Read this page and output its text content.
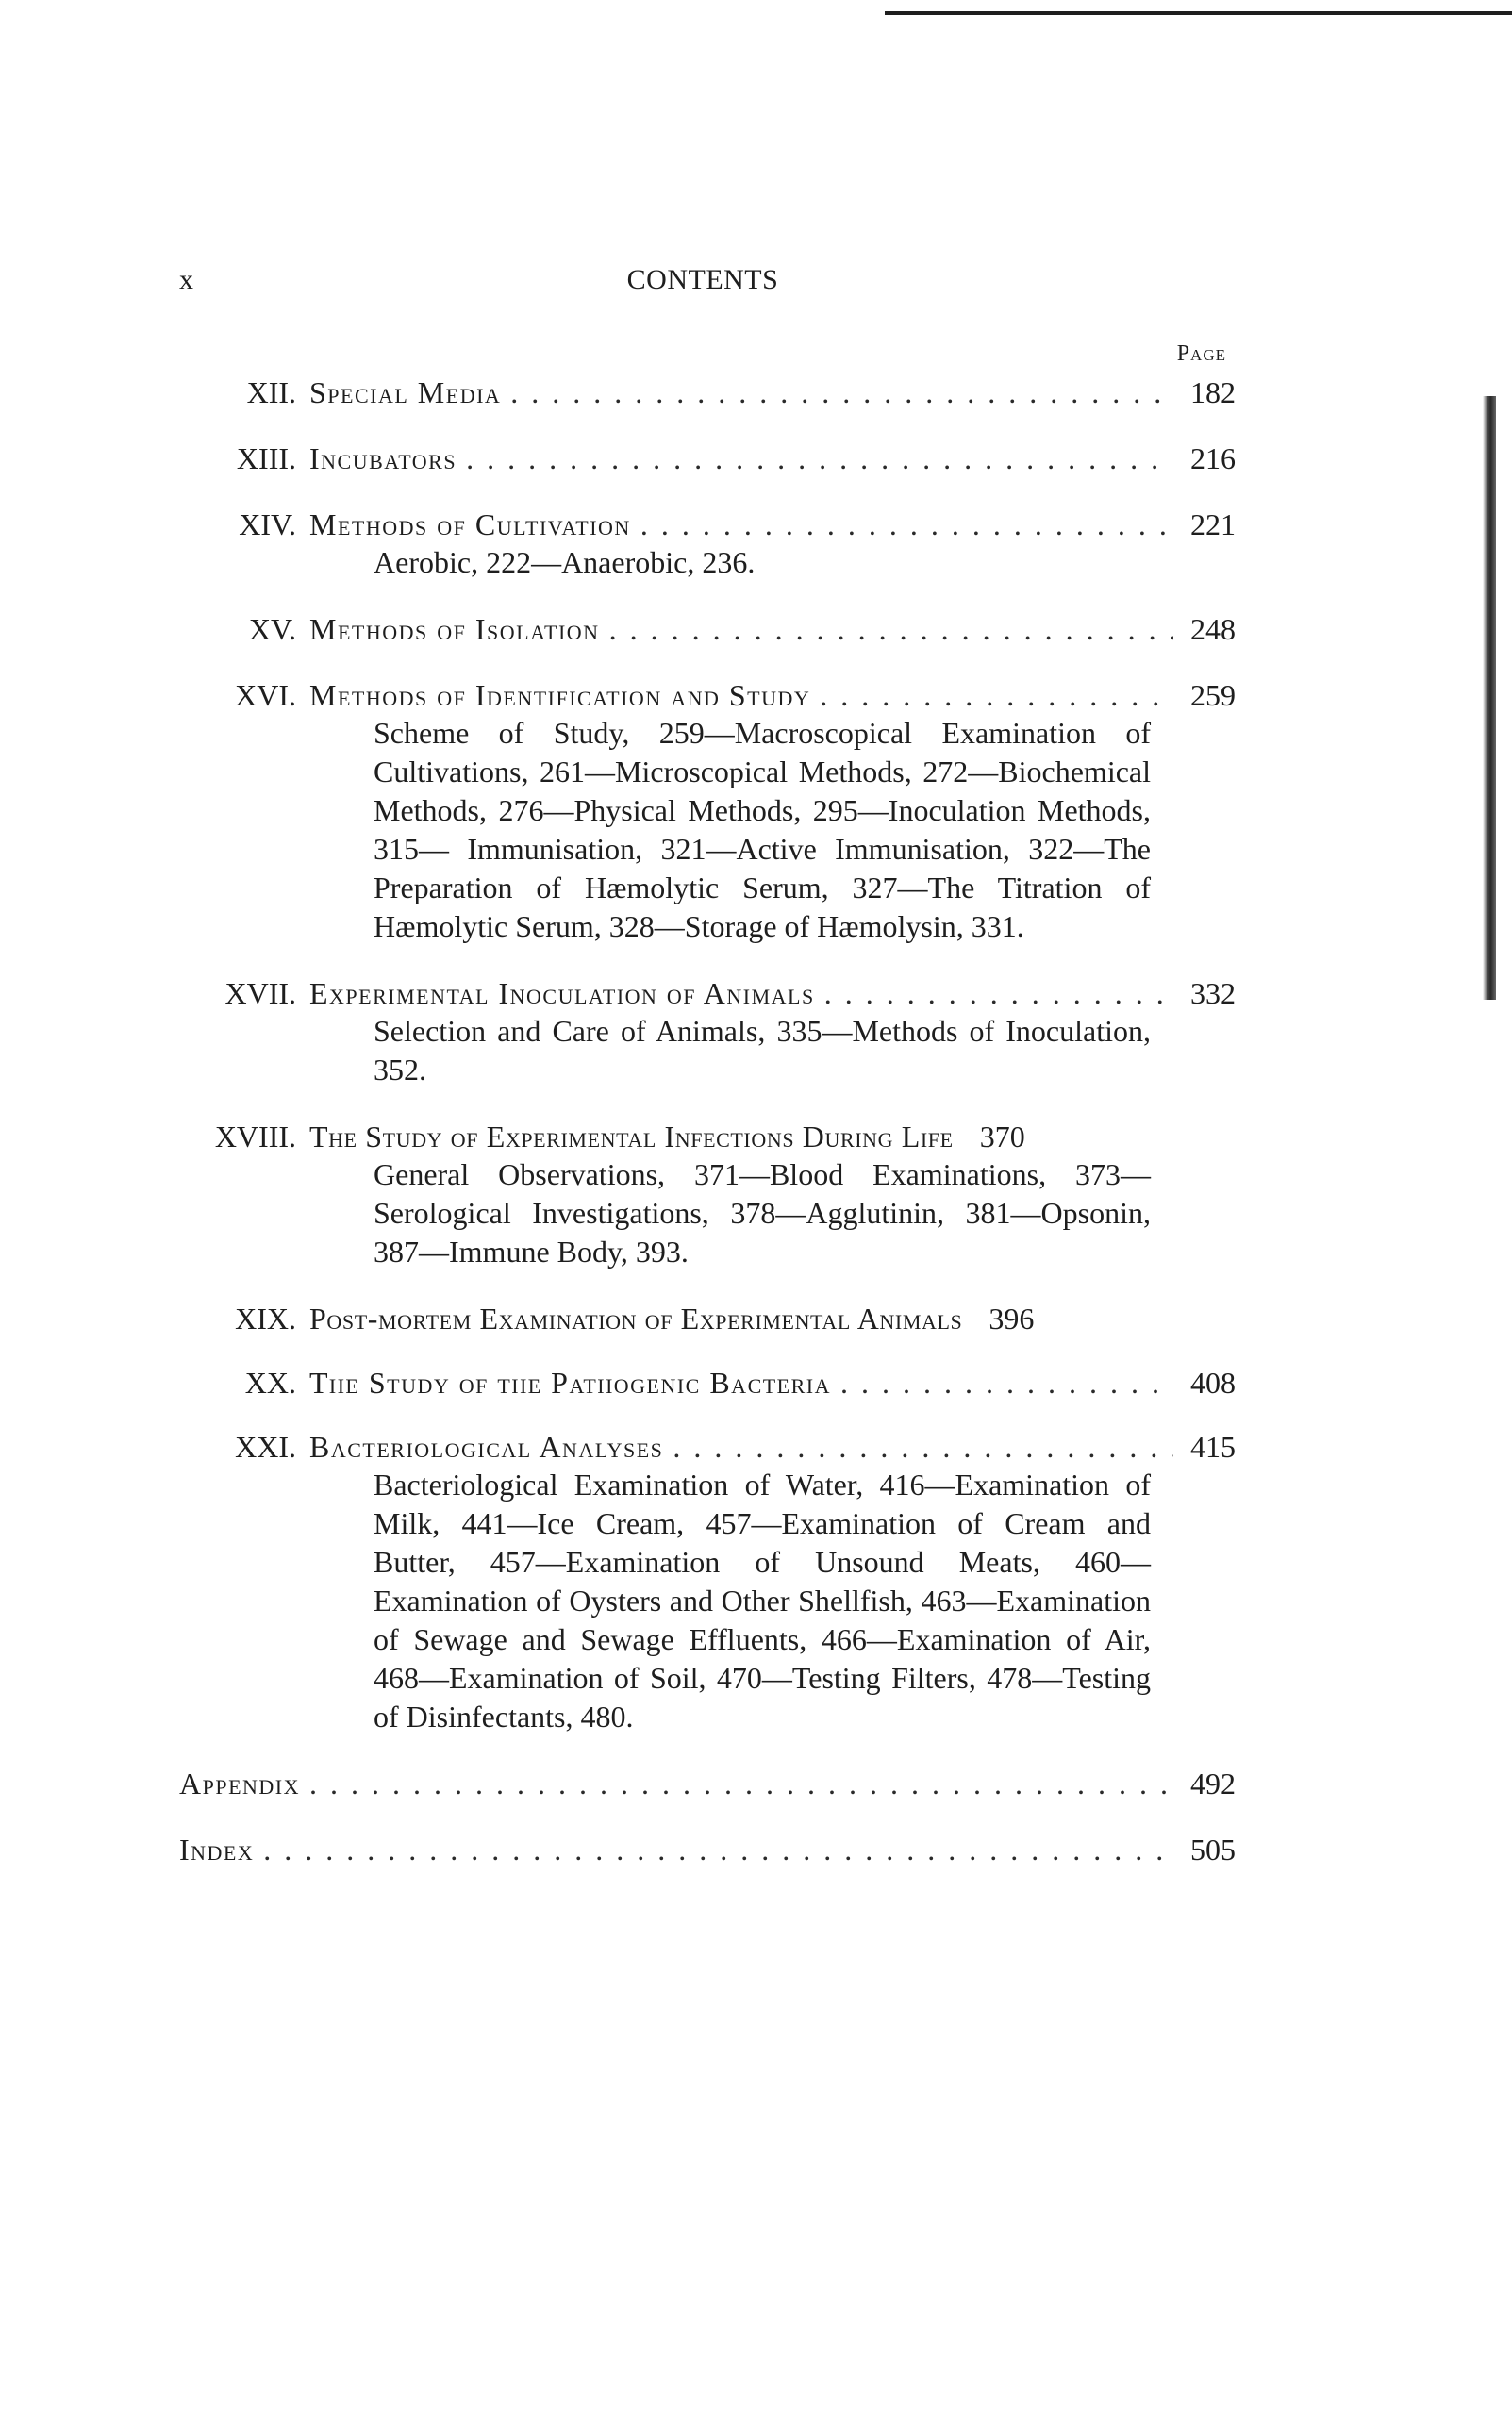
x	CONTENTS
Page
XII. Special Media .....	182
XIII. Incubators .....	216
XIV. Methods of Cultivation .....	221
Aerobic, 222—Anaerobic, 236.
XV. Methods of Isolation .....	248
XVI. Methods of Identification and Study .....	259
Scheme of Study, 259—Macroscopical Examination of Cultivations, 261—Microscopical Methods, 272—Biochemical Methods, 276—Physical Methods, 295—Inoculation Methods, 315— Immunisation, 321—Active Immunisation, 322—The Preparation of Hæmolytic Serum, 327—The Titration of Hæmolytic Serum, 328—Storage of Hæmolysin, 331.
XVII. Experimental Inoculation of Animals .....	332
Selection and Care of Animals, 335—Methods of Inoculation, 352.
XVIII. The Study of Experimental Infections During Life 370
General Observations, 371—Blood Examinations, 373—Serological Investigations, 378—Agglutinin, 381—Opsonin, 387—Immune Body, 393.
XIX. Post-mortem Examination of Experimental Animals 396
XX. The Study of the Pathogenic Bacteria .....	408
XXI. Bacteriological Analyses .....	415
Bacteriological Examination of Water, 416—Examination of Milk, 441—Ice Cream, 457—Examination of Cream and Butter, 457—Examination of Unsound Meats, 460—Examination of Oysters and Other Shellfish, 463—Examination of Sewage and Sewage Effluents, 466—Examination of Air, 468—Examination of Soil, 470—Testing Filters, 478—Testing of Disinfectants, 480.
Appendix .....	492
Index .....	505
